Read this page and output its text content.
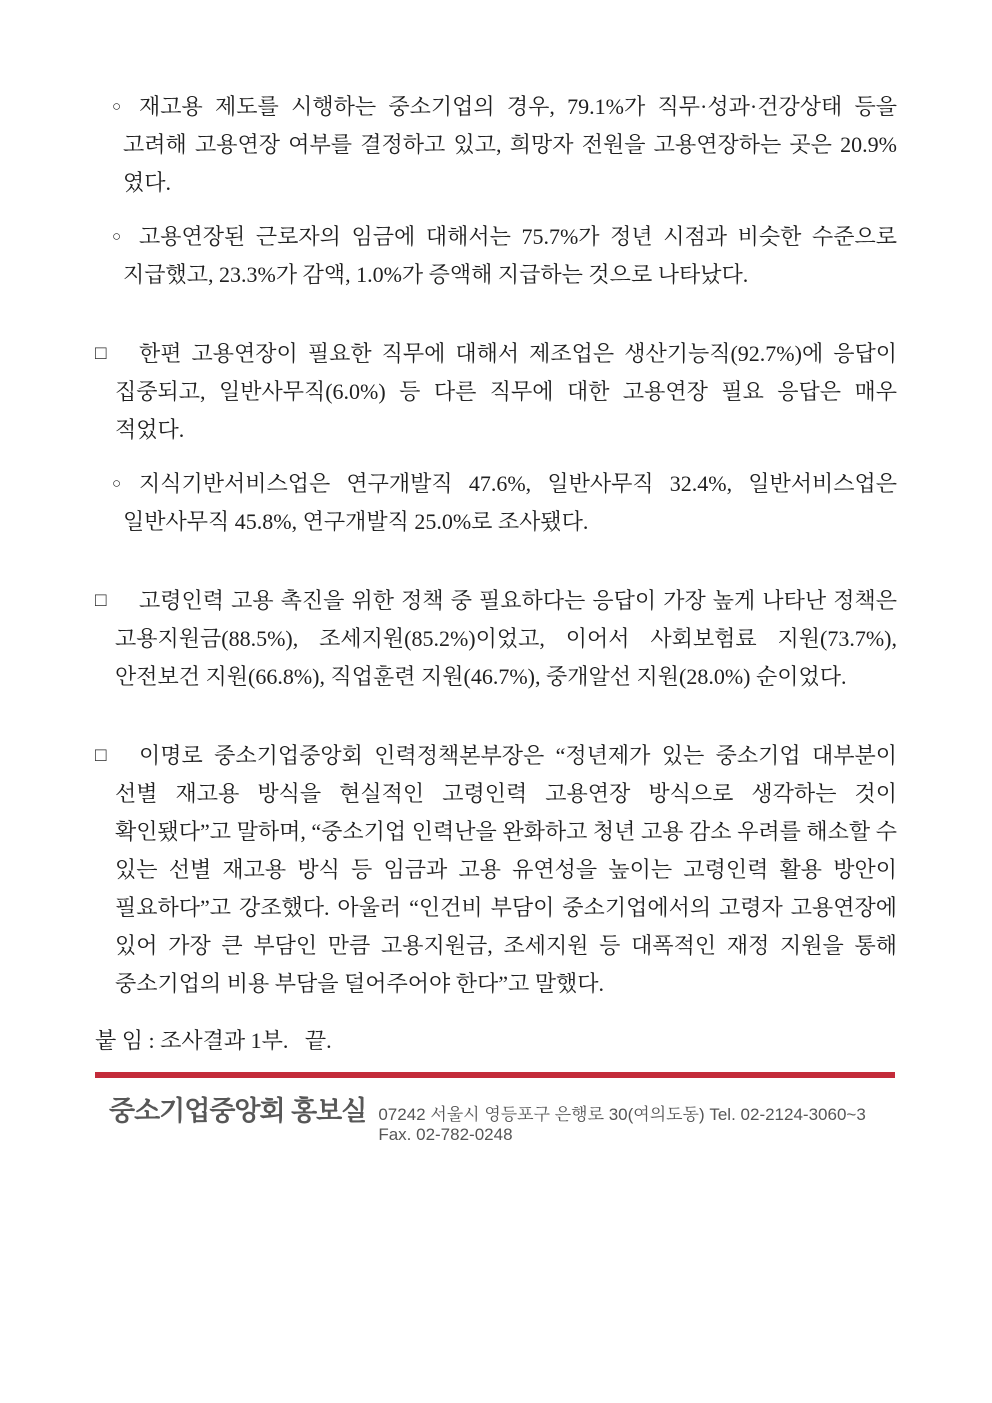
○ 재고용 제도를 시행하는 중소기업의 경우, 79.1%가 직무·성과·건강상태 등을 고려해 고용연장 여부를 결정하고 있고, 희망자 전원을 고용연장하는 곳은 20.9%였다.
○ 고용연장된 근로자의 임금에 대해서는 75.7%가 정년 시점과 비슷한 수준으로 지급했고, 23.3%가 감액, 1.0%가 증액해 지급하는 것으로 나타났다.
□ 한편 고용연장이 필요한 직무에 대해서 제조업은 생산기능직(92.7%)에 응답이 집중되고, 일반사무직(6.0%) 등 다른 직무에 대한 고용연장 필요 응답은 매우 적었다.
○ 지식기반서비스업은 연구개발직 47.6%, 일반사무직 32.4%, 일반서비스업은 일반사무직 45.8%, 연구개발직 25.0%로 조사됐다.
□ 고령인력 고용 촉진을 위한 정책 중 필요하다는 응답이 가장 높게 나타난 정책은 고용지원금(88.5%), 조세지원(85.2%)이었고, 이어서 사회보험료 지원(73.7%), 안전보건 지원(66.8%), 직업훈련 지원(46.7%), 중개알선 지원(28.0%) 순이었다.
□ 이명로 중소기업중앙회 인력정책본부장은 “정년제가 있는 중소기업 대부분이 선별 재고용 방식을 현실적인 고령인력 고용연장 방식으로 생각하는 것이 확인됐다”고 말하며, “중소기업 인력난을 완화하고 청년 고용 감소 우려를 해소할 수 있는 선별 재고용 방식 등 임금과 고용 유연성을 높이는 고령인력 활용 방안이 필요하다”고 강조했다. 아울러 “인건비 부담이 중소기업에서의 고령자 고용연장에 있어 가장 큰 부담인 만큼 고용지원금, 조세지원 등 대폭적인 재정 지원을 통해 중소기업의 비용 부담을 덜어주어야 한다”고 말했다.
붙 임 : 조사결과 1부.   끝.
중소기업중앙회 홍보실 07242 서울시 영등포구 은행로 30(여의도동) Tel. 02-2124-3060~3   Fax. 02-782-0248
